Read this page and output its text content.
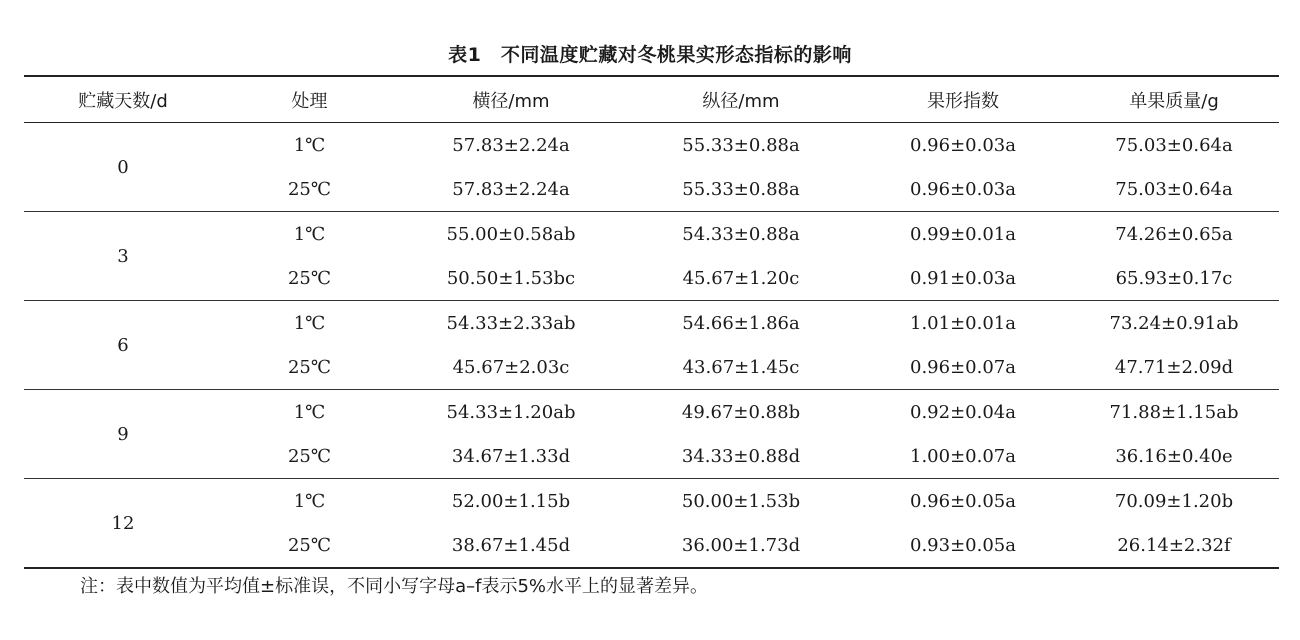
表1　不同温度贮藏对冬桃果实形态指标的影响
贮藏天数/d	处理	横径/mm	纵径/mm	果形指数	单果质量/g
0	1℃	57.83±2.24a	55.33±0.88a	0.96±0.03a	75.03±0.64a
	25℃	57.83±2.24a	55.33±0.88a	0.96±0.03a	75.03±0.64a
3	1℃	55.00±0.58ab	54.33±0.88a	0.99±0.01a	74.26±0.65a
	25℃	50.50±1.53bc	45.67±1.20c	0.91±0.03a	65.93±0.17c
6	1℃	54.33±2.33ab	54.66±1.86a	1.01±0.01a	73.24±0.91ab
	25℃	45.67±2.03c	43.67±1.45c	0.96±0.07a	47.71±2.09d
9	1℃	54.33±1.20ab	49.67±0.88b	0.92±0.04a	71.88±1.15ab
	25℃	34.67±1.33d	34.33±0.88d	1.00±0.07a	36.16±0.40e
12	1℃	52.00±1.15b	50.00±1.53b	0.96±0.05a	70.09±1.20b
	25℃	38.67±1.45d	36.00±1.73d	0.93±0.05a	26.14±2.32f
注：表中数值为平均值±标准误，不同小写字母a–f表示5%水平上的显著差异。
